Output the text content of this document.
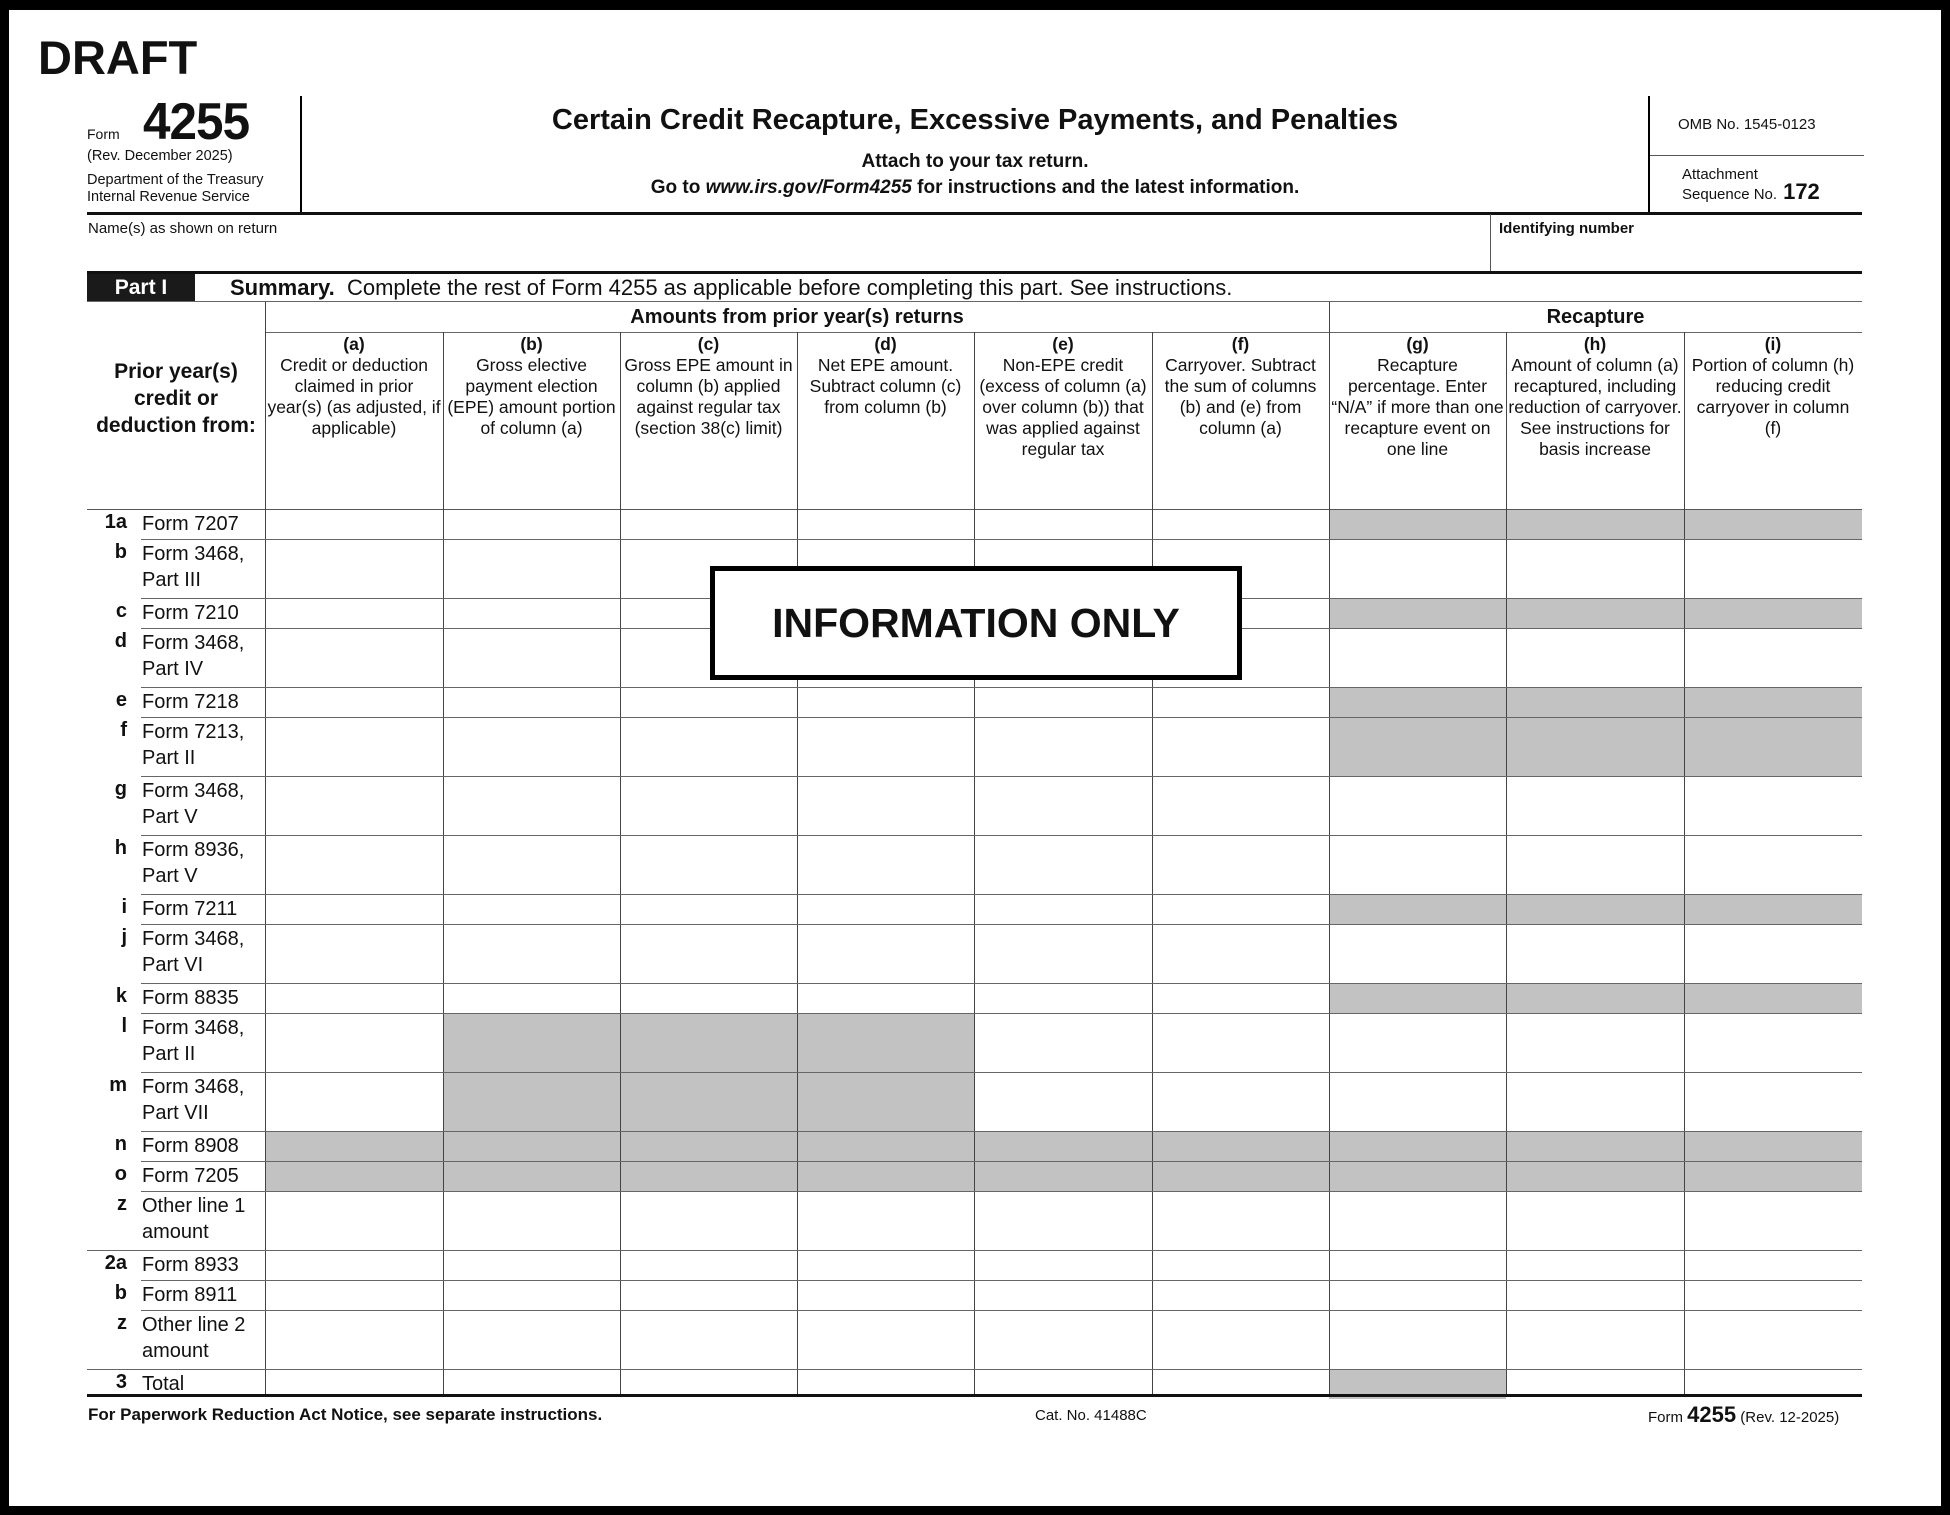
DRAFT
Form 4255
(Rev. December 2025)
Department of the Treasury
Internal Revenue Service
Certain Credit Recapture, Excessive Payments, and Penalties
Attach to your tax return.
Go to www.irs.gov/Form4255 for instructions and the latest information.
OMB No. 1545-0123
Attachment
Sequence No. 172
Name(s) as shown on return	Identifying number
Part I	Summary. Complete the rest of Form 4255 as applicable before completing this part. See instructions.
Prior year(s) credit or deduction from:
Amounts from prior year(s) returns	Recapture
(a)
Credit or deduction claimed in prior year(s) (as adjusted, if applicable)
(b)
Gross elective payment election (EPE) amount portion of column (a)
(c)
Gross EPE amount in column (b) applied against regular tax (section 38(c) limit)
(d)
Net EPE amount. Subtract column (c) from column (b)
(e)
Non-EPE credit (excess of column (a) over column (b)) that was applied against regular tax
(f)
Carryover. Subtract the sum of columns (b) and (e) from column (a)
(g)
Recapture percentage. Enter “N/A” if more than one recapture event on one line
(h)
Amount of column (a) recaptured, including reduction of carryover. See instructions for basis increase
(i)
Portion of column (h) reducing credit carryover in column (f)
1a Form 7207
b Form 3468, Part III
c Form 7210
d Form 3468, Part IV
e Form 7218
f Form 7213, Part II
g Form 3468, Part V
h Form 8936, Part V
i Form 7211
j Form 3468, Part VI
k Form 8835
l Form 3468, Part II
m Form 3468, Part VII
n Form 8908
o Form 7205
z Other line 1 amount
2a Form 8933
b Form 8911
z Other line 2 amount
3 Total
INFORMATION ONLY
For Paperwork Reduction Act Notice, see separate instructions.	Cat. No. 41488C	Form 4255 (Rev. 12-2025)
